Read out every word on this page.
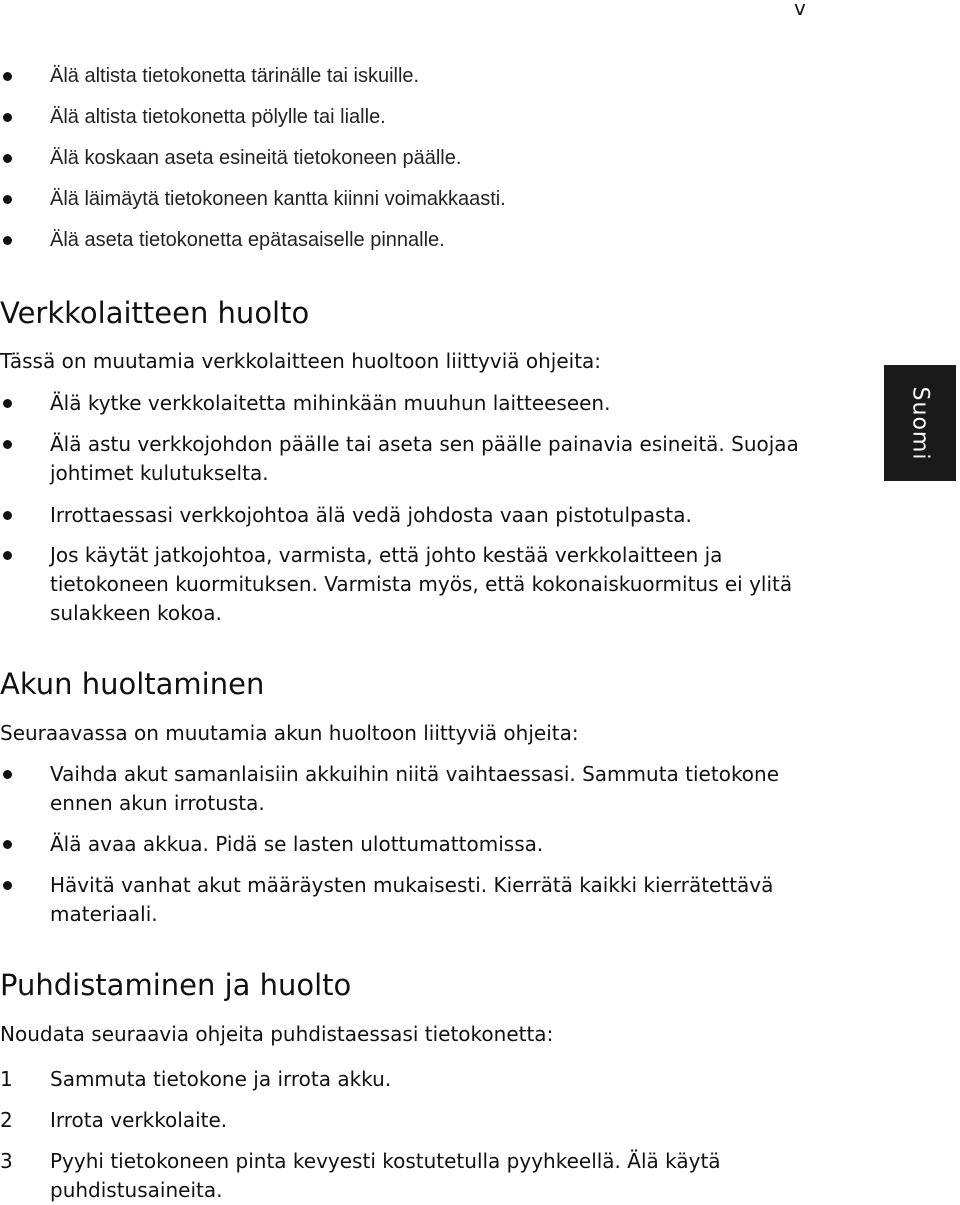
v
Suomi
Älä altista tietokonetta tärinälle tai iskuille.
Älä altista tietokonetta pölylle tai lialle.
Älä koskaan aseta esineitä tietokoneen päälle.
Älä läimäytä tietokoneen kantta kiinni voimakkaasti.
Älä aseta tietokonetta epätasaiselle pinnalle.
Verkkolaitteen huolto

Tässä on muutamia verkkolaitteen huoltoon liittyviä ohjeita:

Älä kytke verkkolaitetta mihinkään muuhun laitteeseen.
Älä astu verkkojohdon päälle tai aseta sen päälle painavia esineitä. Suojaa johtimet kulutukselta.
Irrottaessasi verkkojohtoa älä vedä johdosta vaan pistotulpasta.
Jos käytät jatkojohtoa, varmista, että johto kestää verkkolaitteen ja tietokoneen kuormituksen. Varmista myös, että kokonaiskuormitus ei ylitä sulakkeen kokoa.
Akun huoltaminen

Seuraavassa on muutamia akun huoltoon liittyviä ohjeita:

Vaihda akut samanlaisiin akkuihin niitä vaihtaessasi. Sammuta tietokone ennen akun irrotusta.
Älä avaa akkua. Pidä se lasten ulottumattomissa.
Hävitä vanhat akut määräysten mukaisesti. Kierrätä kaikki kierrätettävä materiaali.
Puhdistaminen ja huolto

Noudata seuraavia ohjeita puhdistaessasi tietokonetta:

1 Sammuta tietokone ja irrota akku.
2 Irrota verkkolaite.
3 Pyyhi tietokoneen pinta kevyesti kostutetulla pyyhkeellä. Älä käytä puhdistusaineita.
